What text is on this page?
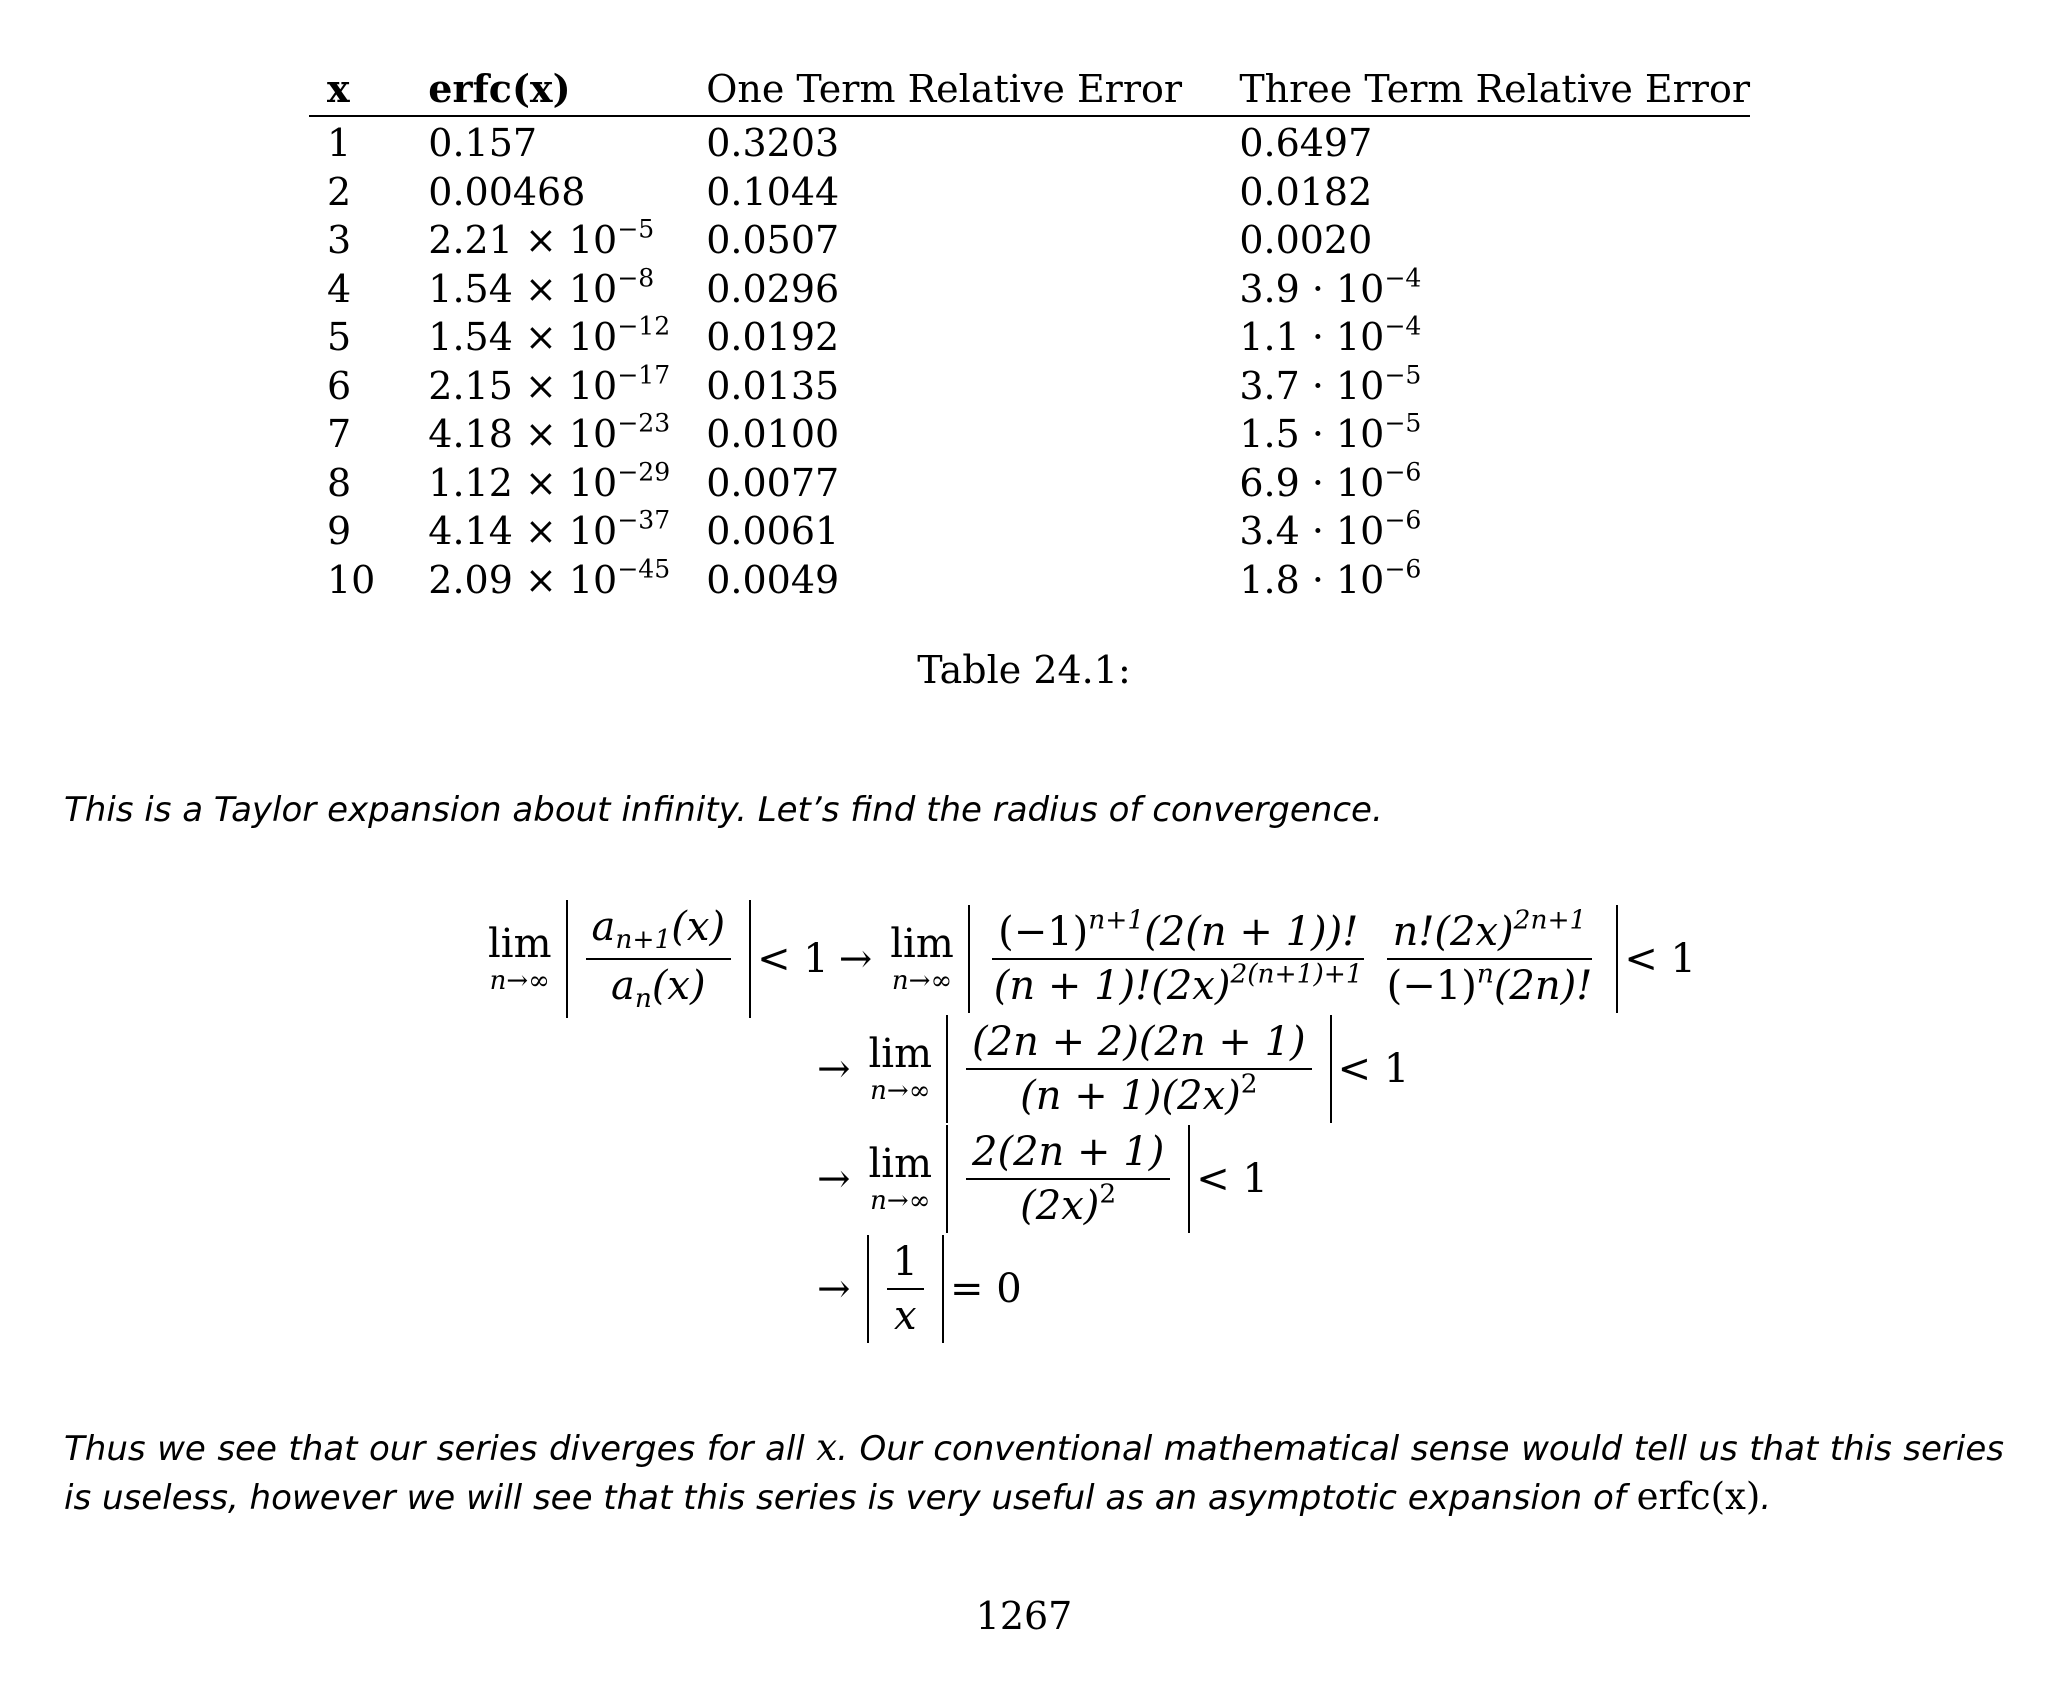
x	erfc(x)	One Term Relative Error	Three Term Relative Error
1	0.157	0.3203	0.6497
2	0.00468	0.1044	0.0182
3	$2.21 \times 10^{-5}$	0.0507	0.0020
4	$1.54 \times 10^{-8}$	0.0296	$3.9 \cdot 10^{-4}$
5	$1.54 \times 10^{-12}$	0.0192	$1.1 \cdot 10^{-4}$
6	$2.15 \times 10^{-17}$	0.0135	$3.7 \cdot 10^{-5}$
7	$4.18 \times 10^{-23}$	0.0100	$1.5 \cdot 10^{-5}$
8	$1.12 \times 10^{-29}$	0.0077	$6.9 \cdot 10^{-6}$
9	$4.14 \times 10^{-37}$	0.0061	$3.4 \cdot 10^{-6}$
10	$2.09 \times 10^{-45}$	0.0049	$1.8 \cdot 10^{-6}$
Table 24.1:
This is a Taylor expansion about infinity. Let’s find the radius of convergence.
lim
$n\to\infty \frac{a_{n+1}(x)}{a_n(x)} < 1 \to \lim$
$n\to\infty \frac{(-1)^{n+1}(2(n + 1))!}{(n + 1)!(2x)^{2(n+1)+1}} \frac{n!(2x)^{2n+1}}{(-1)^n(2n)!} < 1$
→ lim
$n\to\infty \frac{(2n + 2)(2n + 1)}{(n + 1)(2x)^2} < 1$
→ lim
$n\to\infty \frac{2(2n + 1)}{(2x)^2} < 1$
→ $\frac{1}{x} = 0$
Thus we see that our series diverges for all x. Our conventional mathematical sense would tell us that this series is useless, however we will see that this series is very useful as an asymptotic expansion of erfc(x).
1267
